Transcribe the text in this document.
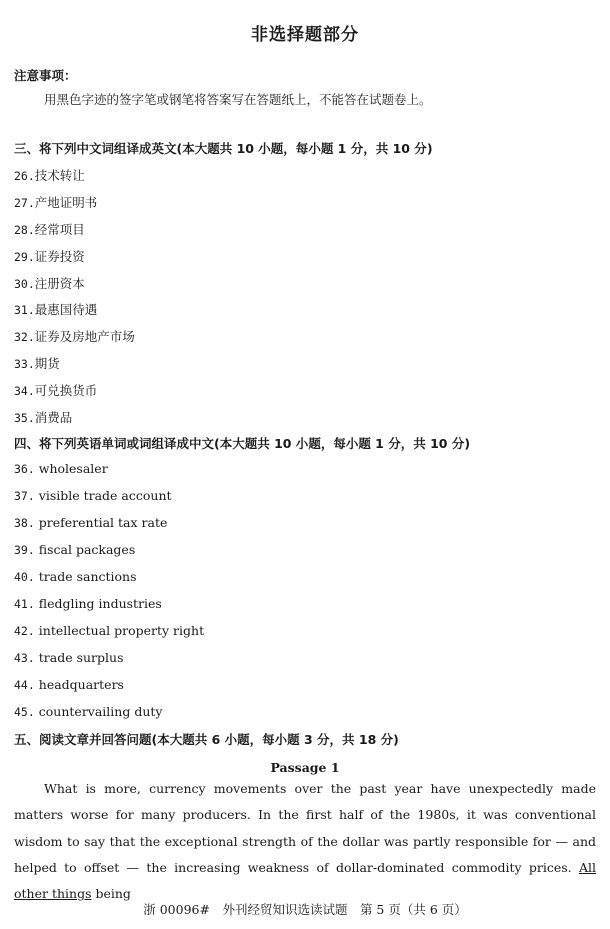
非选择题部分
注意事项：
用黑色字迹的签字笔或钢笔将答案写在答题纸上，不能答在试题卷上。
三、将下列中文词组译成英文(本大题共 10 小题，每小题 1 分，共 10 分)
26.技术转让
27.产地证明书
28.经常项目
29.证券投资
30.注册资本
31.最惠国待遇
32.证券及房地产市场
33.期货
34.可兑换货币
35.消费品
四、将下列英语单词或词组译成中文(本大题共 10 小题，每小题 1 分，共 10 分)
36. wholesaler
37. visible trade account
38. preferential tax rate
39. fiscal packages
40. trade sanctions
41. fledgling industries
42. intellectual property right
43. trade surplus
44. headquarters
45. countervailing duty
五、阅读文章并回答问题(本大题共 6 小题，每小题 3 分，共 18 分)
Passage 1
What is more, currency movements over the past year have unexpectedly made matters worse for many producers. In the first half of the 1980s, it was conventional wisdom to say that the exceptional strength of the dollar was partly responsible for — and helped to offset — the increasing weakness of dollar-dominated commodity prices. All other things being
浙 00096#　外刊经贸知识选读试题　第 5 页（共 6 页）
